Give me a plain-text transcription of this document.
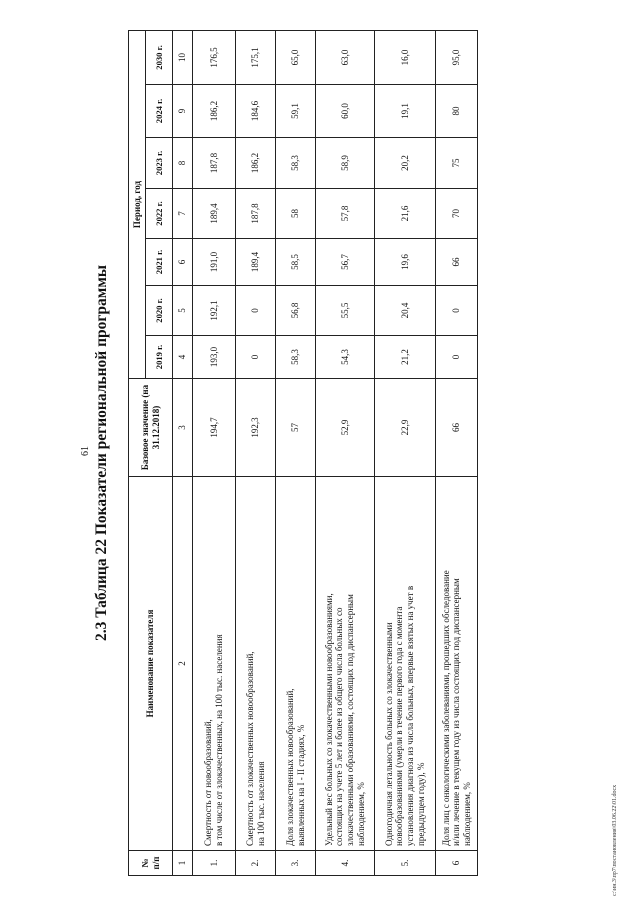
61 2.3 Таблица 22 Показатели региональной программы
№ п/п	Наименование показателя	Базовое значение (на 31.12.2018)	Период, год						
			2019 г.	2020 г.	2021 г.	2022 г.	2023 г.	2024 г.	2030 г.
1	2	3	4	5	6	7	8	9	10
1.	Смертность от новообразований, в том числе от злокачественных, на 100 тыс. населения	194,7	193,0	192,1	191,0	189,4	187,8	186,2	176,5
2.	Смертность от злокачественных новообразований, на 100 тыс. населения	192,3	0	0	189,4	187,8	186,2	184,6	175,1
3.	Доля злокачественных новообразований, выявленных на I - II стадиях, %	57	58,3	56,8	58,5	58	58,3	59,1	65,0
4.	Удельный вес больных со злокачественными новообразованиями, состоящих на учете 5 лет и более из общего числа больных со злокачественными образованиями, состоящих под диспансерным наблюдением, %	52,9	54,3	55,5	56,7	57,8	58,9	60,0	63,0
5.	Одногодичная летальность больных со злокачественными новообразованиями (умерли в течение первого года с момента установления диагноза из числа больных, впервые взятых на учет в предыдущем году), %	22,9	21,2	20,4	19,6	21,6	20,2	19,1	16,0
6	Доля лиц с онкологическими заболеваниями, прошедших обследование и/или лечение в текущем году из числа состоящих под диспансерным наблюдением, %	66	0	0	66	70	75	80	95,0
c:\ин.3\пр7\постановления\03.06.22\01.docx
